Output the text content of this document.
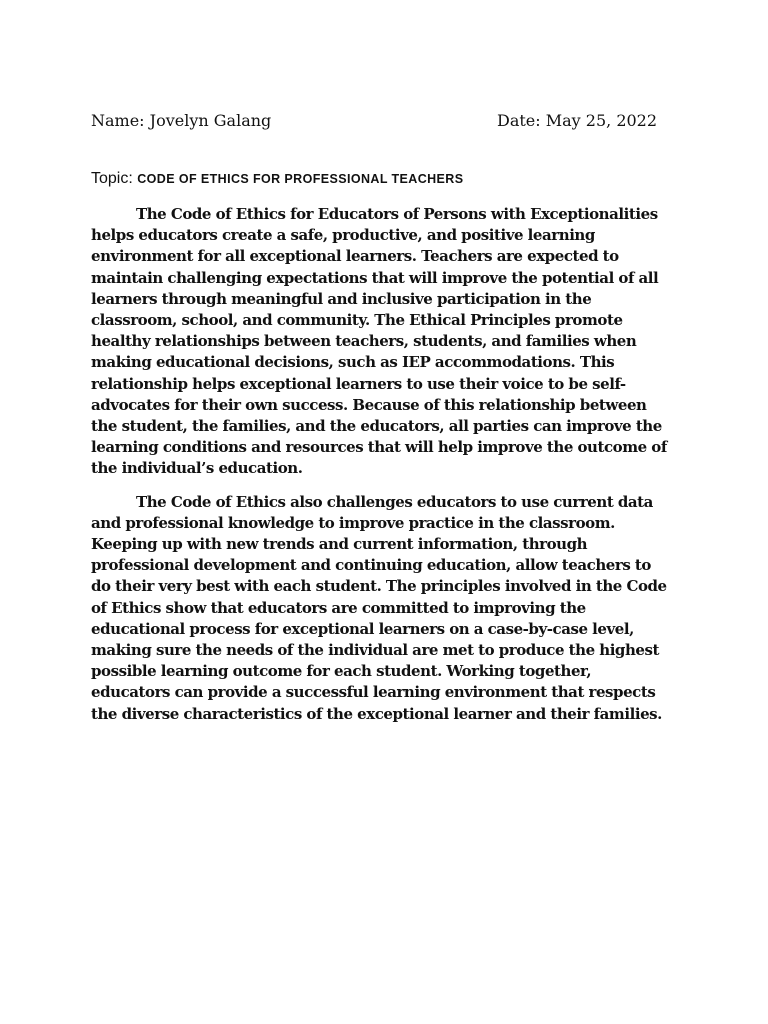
Name: Jovelyn Galang	Date: May 25, 2022
Topic: CODE OF ETHICS FOR PROFESSIONAL TEACHERS

The Code of Ethics for Educators of Persons with Exceptionalities helps educators create a safe, productive, and positive learning environment for all exceptional learners. Teachers are expected to maintain challenging expectations that will improve the potential of all learners through meaningful and inclusive participation in the classroom, school, and community. The Ethical Principles promote healthy relationships between teachers, students, and families when making educational decisions, such as IEP accommodations. This relationship helps exceptional learners to use their voice to be self-advocates for their own success. Because of this relationship between the student, the families, and the educators, all parties can improve the learning conditions and resources that will help improve the outcome of the individual’s education.

The Code of Ethics also challenges educators to use current data and professional knowledge to improve practice in the classroom. Keeping up with new trends and current information, through professional development and continuing education, allow teachers to do their very best with each student. The principles involved in the Code of Ethics show that educators are committed to improving the educational process for exceptional learners on a case-by-case level, making sure the needs of the individual are met to produce the highest possible learning outcome for each student. Working together, educators can provide a successful learning environment that respects the diverse characteristics of the exceptional learner and their families.
